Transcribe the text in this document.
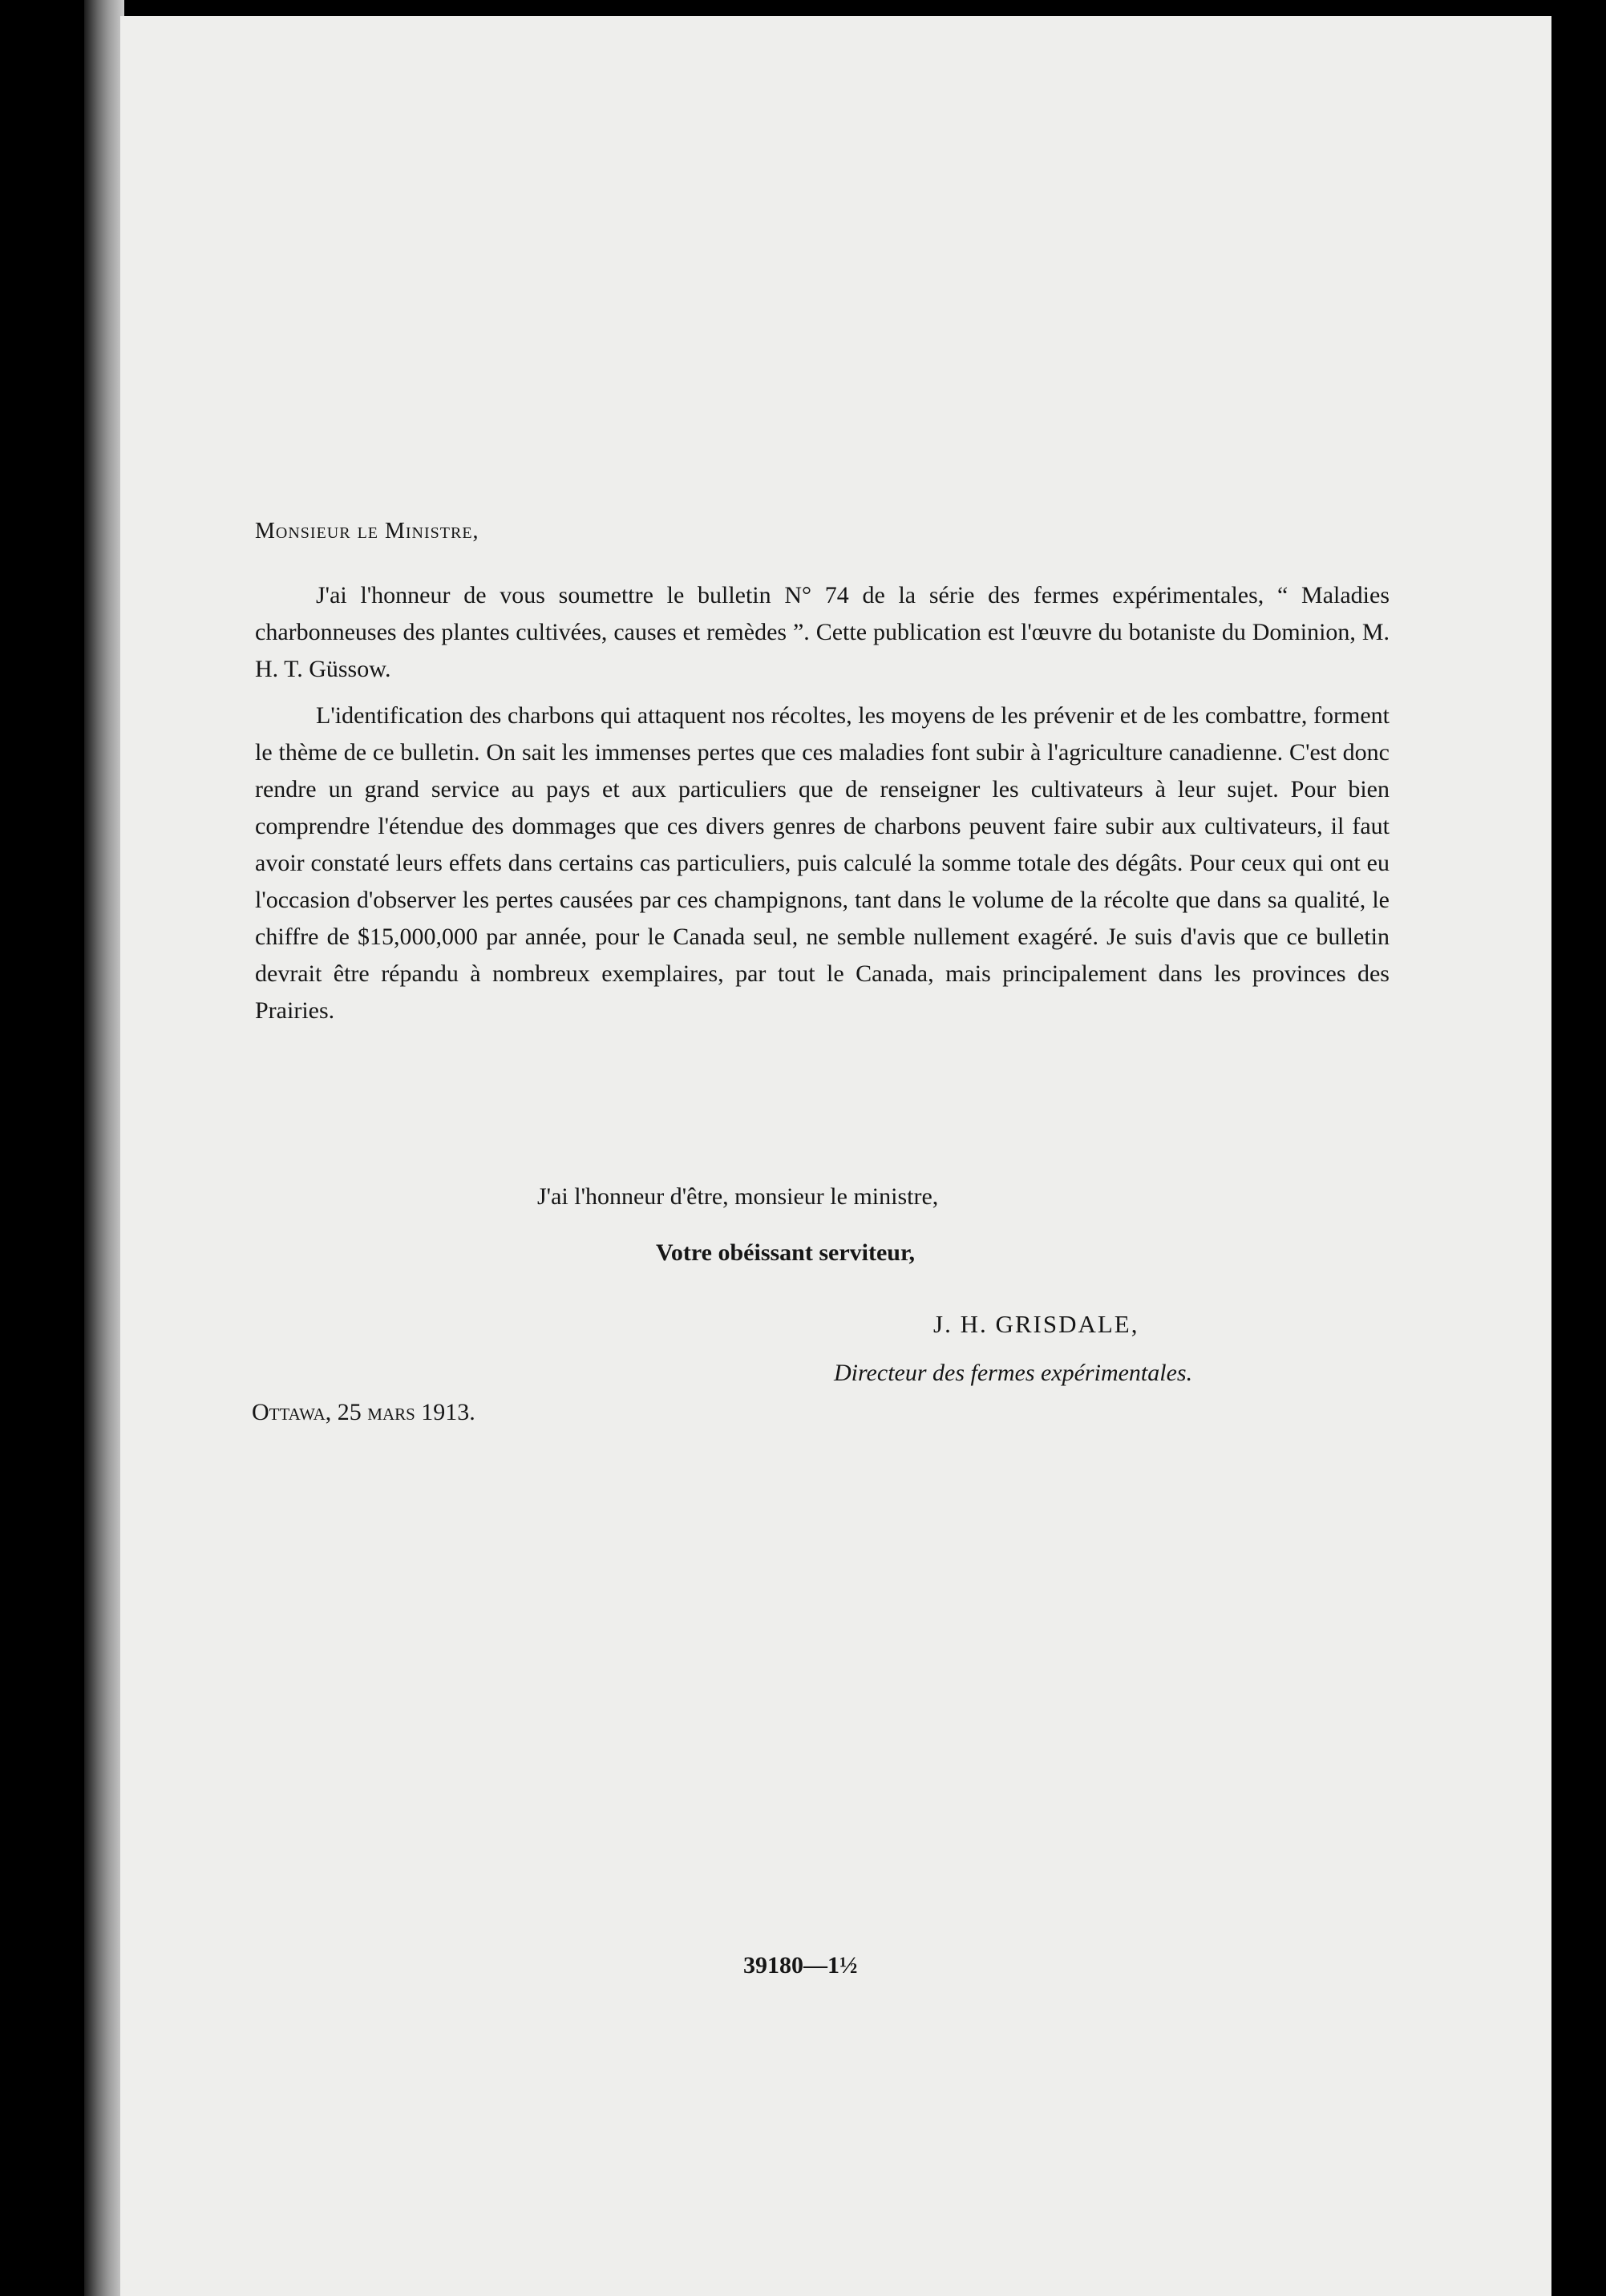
Monsieur le Ministre,

J'ai l'honneur de vous soumettre le bulletin N° 74 de la série des fermes expérimentales, “ Maladies charbonneuses des plantes cultivées, causes et remèdes ”. Cette publication est l'œuvre du botaniste du Dominion, M. H. T. Güssow.

L'identification des charbons qui attaquent nos récoltes, les moyens de les prévenir et de les combattre, forment le thème de ce bulletin. On sait les immenses pertes que ces maladies font subir à l'agriculture canadienne. C'est donc rendre un grand service au pays et aux particuliers que de renseigner les cultivateurs à leur sujet. Pour bien comprendre l'étendue des dommages que ces divers genres de charbons peuvent faire subir aux cultivateurs, il faut avoir constaté leurs effets dans certains cas particuliers, puis calculé la somme totale des dégâts. Pour ceux qui ont eu l'occasion d'observer les pertes causées par ces champignons, tant dans le volume de la récolte que dans sa qualité, le chiffre de $15,000,000 par année, pour le Canada seul, ne semble nullement exagéré. Je suis d'avis que ce bulletin devrait être répandu à nombreux exemplaires, par tout le Canada, mais principalement dans les provinces des Prairies.

J'ai l'honneur d'être, monsieur le ministre,
Votre obéissant serviteur,
J. H. GRISDALE,
Directeur des fermes expérimentales.
Ottawa, 25 mars 1913.
39180—1½
